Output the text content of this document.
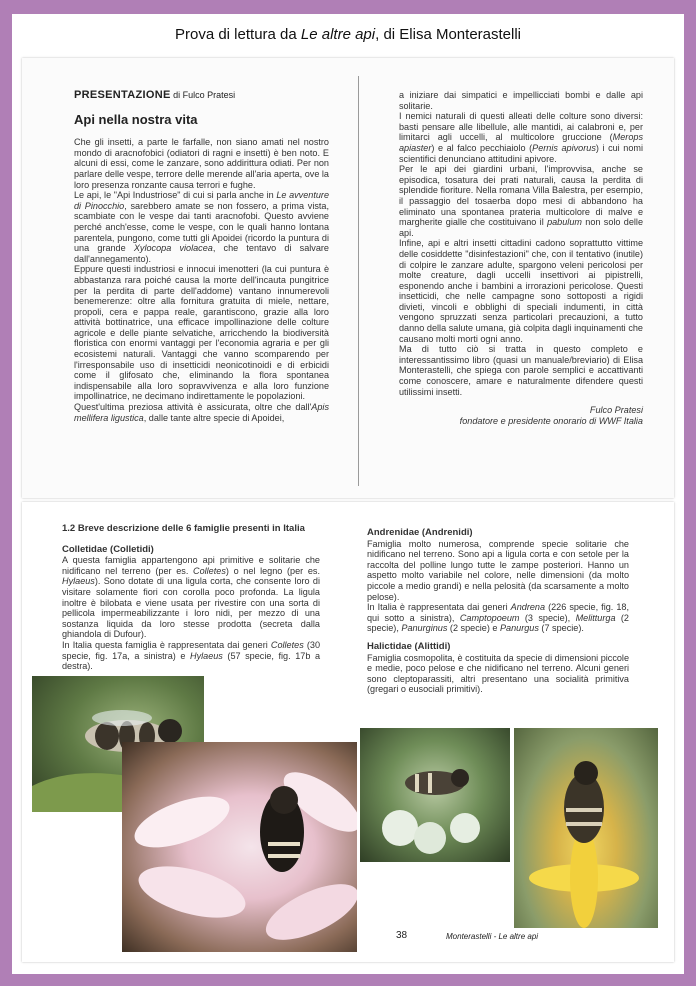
Prova di lettura da Le altre api, di Elisa Monterastelli
PRESENTAZIONE di Fulco Pratesi
Api nella nostra vita

Che gli insetti, a parte le farfalle, non siano amati nel nostro mondo di aracnofobici (odiatori di ragni e insetti) è ben noto. E alcuni di essi, come le zanzare, sono addirittura odiati. Per non parlare delle vespe, terrore delle merende all'aria aperta, ove la loro presenza ronzante causa terrori e fughe.

Le api, le "Api Industriose" di cui si parla anche in Le avventure di Pinocchio, sarebbero amate se non fossero, a prima vista, scambiate con le vespe dai tanti aracnofobi. Questo avviene perché anch'esse, come le vespe, con le quali hanno lontana parentela, pungono, come tutti gli Apoidei (ricordo la puntura di una grande Xylocopa violacea, che tentavo di salvare dall'annegamento).

Eppure questi industriosi e innocui imenotteri (la cui puntura è abbastanza rara poiché causa la morte dell'incauta pungitrice per la perdita di parte dell'addome) vantano innumerevoli benemerenze: oltre alla fornitura gratuita di miele, nettare, propoli, cera e pappa reale, garantiscono, grazie alla loro attività bottinatrice, una efficace impollinazione delle colture agricole e delle piante selvatiche, arricchendo la biodiversità floristica con enormi vantaggi per l'economia agraria e per gli ecosistemi naturali. Vantaggi che vanno scomparendo per l'irresponsabile uso di insetticidi neonicotinoidi e di erbicidi come il glifosato che, eliminando la flora spontanea indispensabile alla loro sopravvivenza e alla loro funzione impollinatrice, ne decimano indirettamente le popolazioni.

Quest'ultima preziosa attività è assicurata, oltre che dall'Apis mellifera ligustica, dalle tante altre specie di Apoidei,

a iniziare dai simpatici e impellicciati bombi e dalle api solitarie.

I nemici naturali di questi alleati delle colture sono diversi: basti pensare alle libellule, alle mantidi, ai calabroni e, per limitarci agli uccelli, al multicolore gruccione (Merops apiaster) e al falco pecchiaiolo (Pernis apivorus) i cui nomi scientifici denunciano attitudini apivore.

Per le api dei giardini urbani, l'improvvisa, anche se episodica, tosatura dei prati naturali, causa la perdita di splendide fioriture. Nella romana Villa Balestra, per esempio, il passaggio del tosaerba dopo mesi di abbandono ha eliminato una spontanea prateria multicolore di malve e margherite gialle che costituivano il pabulum non solo delle api.

Infine, api e altri insetti cittadini cadono soprattutto vittime delle cosiddette "disinfestazioni" che, con il tentativo (inutile) di colpire le zanzare adulte, spargono veleni pericolosi per molte creature, dagli uccelli insettivori ai pipistrelli, esponendo anche i bambini a irrorazioni pericolose. Questi insetticidi, che nelle campagne sono sottoposti a rigidi divieti, vincoli e obblighi di speciali indumenti, in città vengono spruzzati senza particolari precauzioni, a tutto danno della salute umana, già colpita dagli inquinamenti che causano molti morti ogni anno.

Ma di tutto ciò si tratta in questo completo e interessantissimo libro (quasi un manuale/breviario) di Elisa Monterastelli, che spiega con parole semplici e accattivanti come conoscere, amare e naturalmente difendere questi utilissimi insetti.

Fulco Pratesi
fondatore e presidente onorario di WWF Italia
1.2 Breve descrizione delle 6 famiglie presenti in Italia
Colletidae (Colletidi)

A questa famiglia appartengono api primitive e solitarie che nidificano nel terreno (per es. Colletes) o nel legno (per es. Hylaeus). Sono dotate di una ligula corta, che consente loro di visitare solamente fiori con corolla poco profonda. La ligula inoltre è bilobata e viene usata per rivestire con una sorta di pellicola impermeabilizzante i loro nidi, per mezzo di una sostanza liquida da loro stesse prodotta (secreta dalla ghiandola di Dufour).

In Italia questa famiglia è rappresentata dai generi Colletes (30 specie, fig. 17a, a sinistra) e Hylaeus (57 specie, fig. 17b a destra).

Andrenidae (Andrenidi)

Famiglia molto numerosa, comprende specie solitarie che nidificano nel terreno. Sono api a ligula corta e con setole per la raccolta del polline lungo tutte le zampe posteriori. Hanno un aspetto molto variabile nel colore, nelle dimensioni (da molto piccole a medio grandi) e nella pelosità (da scarsamente a molto pelose).

In Italia è rappresentata dai generi Andrena (226 specie, fig. 18, qui sotto a sinistra), Camptopoeum (3 specie), Melitturga (2 specie), Panurginus (2 specie) e Panurgus (7 specie).

Halictidae (Alittidi)

Famiglia cosmopolita, è costituita da specie di dimensioni piccole e medie, poco pelose e che nidificano nel terreno. Alcuni generi sono cleptoparassiti, altri presentano una socialità primitiva (gregari o eusociali primitivi).

38	Monterastelli - Le altre api
